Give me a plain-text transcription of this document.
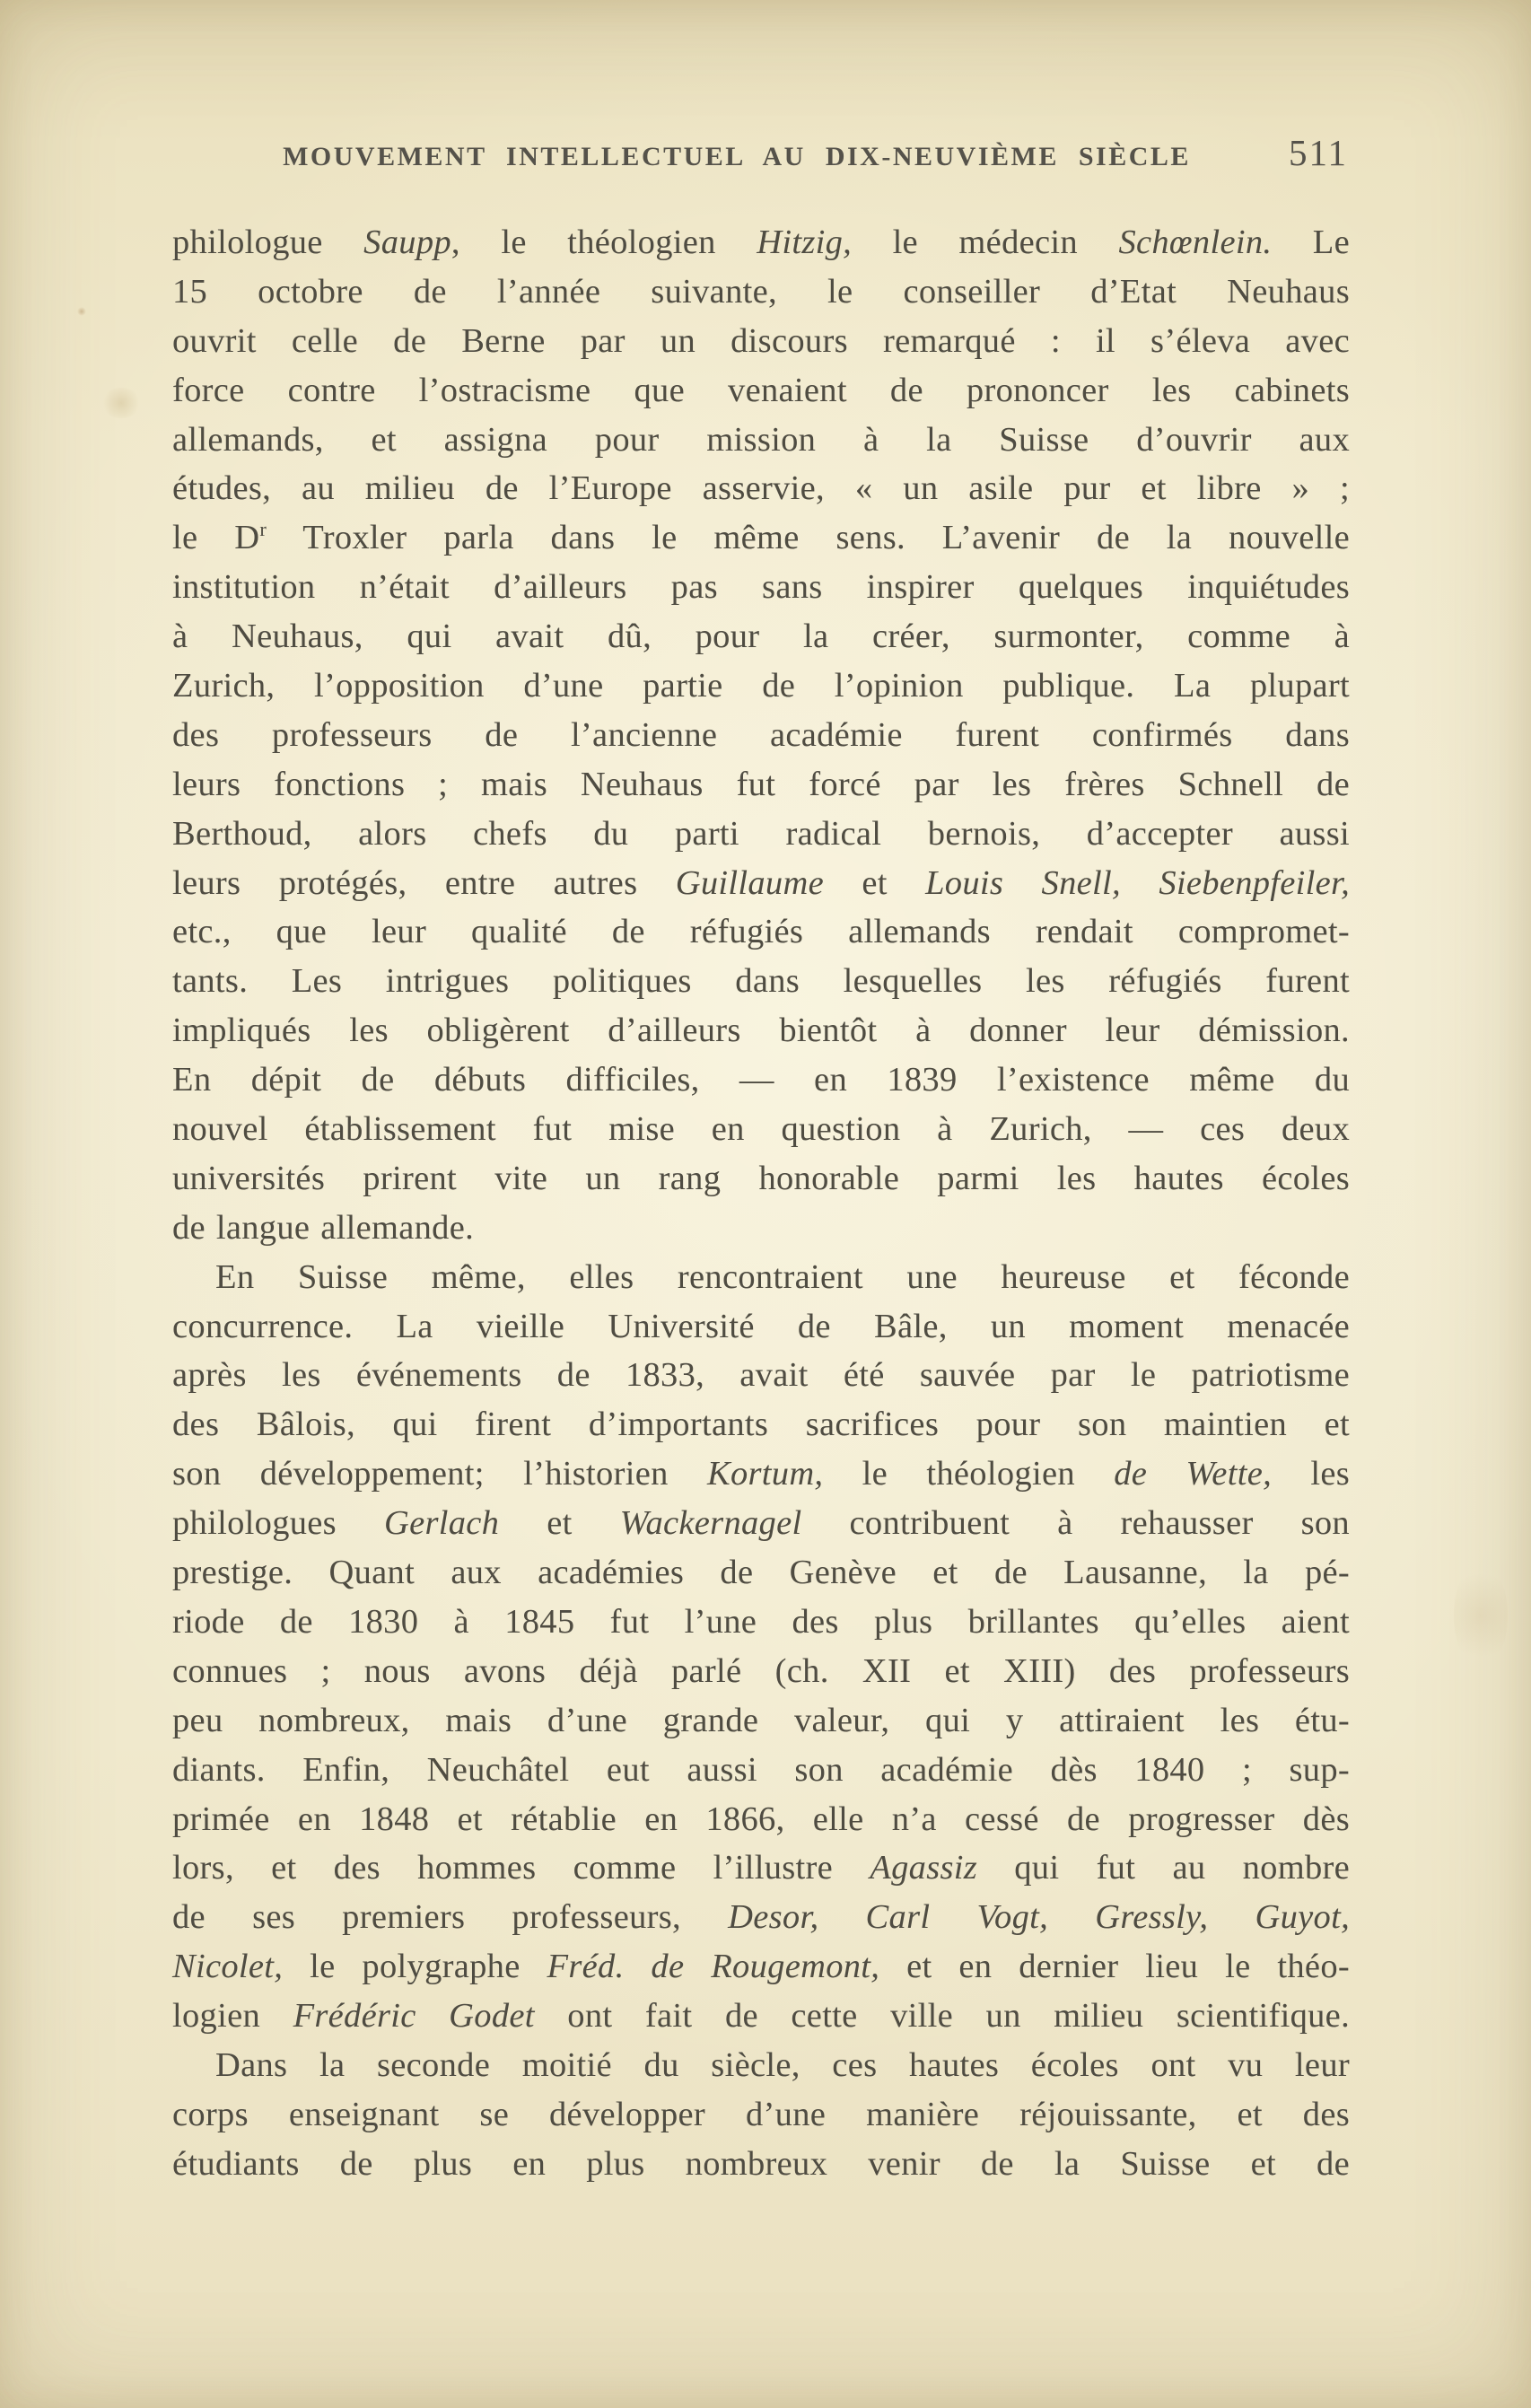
MOUVEMENT INTELLECTUEL AU DIX-NEUVIÈME SIÈCLE	511
philologue Saupp, le théologien Hitzig, le médecin Schœnlein. Le
15 octobre de l’année suivante, le conseiller d’Etat Neuhaus
ouvrit celle de Berne par un discours remarqué : il s’éleva avec
force contre l’ostracisme que venaient de prononcer les cabinets
allemands, et assigna pour mission à la Suisse d’ouvrir aux
études, au milieu de l’Europe asservie, « un asile pur et libre » ;
le $D^r$ Troxler parla dans le même sens. L’avenir de la nouvelle
institution n’était d’ailleurs pas sans inspirer quelques inquiétudes
à Neuhaus, qui avait dû, pour la créer, surmonter, comme à
Zurich, l’opposition d’une partie de l’opinion publique. La plupart
des professeurs de l’ancienne académie furent confirmés dans
leurs fonctions ; mais Neuhaus fut forcé par les frères Schnell de
Berthoud, alors chefs du parti radical bernois, d’accepter aussi
leurs protégés, entre autres Guillaume et Louis Snell, Siebenpfeiler,
etc., que leur qualité de réfugiés allemands rendait compromet-
tants. Les intrigues politiques dans lesquelles les réfugiés furent
impliqués les obligèrent d’ailleurs bientôt à donner leur démission.
En dépit de débuts difficiles, — en 1839 l’existence même du
nouvel établissement fut mise en question à Zurich, — ces deux
universités prirent vite un rang honorable parmi les hautes écoles
de langue allemande.
En Suisse même, elles rencontraient une heureuse et féconde
concurrence. La vieille Université de Bâle, un moment menacée
après les événements de 1833, avait été sauvée par le patriotisme
des Bâlois, qui firent d’importants sacrifices pour son maintien et
son développement; l’historien Kortum, le théologien de Wette, les
philologues Gerlach et Wackernagel contribuent à rehausser son
prestige. Quant aux académies de Genève et de Lausanne, la pé-
riode de 1830 à 1845 fut l’une des plus brillantes qu’elles aient
connues ; nous avons déjà parlé (ch. XII et XIII) des professeurs
peu nombreux, mais d’une grande valeur, qui y attiraient les étu-
diants. Enfin, Neuchâtel eut aussi son académie dès 1840 ; sup-
primée en 1848 et rétablie en 1866, elle n’a cessé de progresser dès
lors, et des hommes comme l’illustre Agassiz qui fut au nombre
de ses premiers professeurs, Desor, Carl Vogt, Gressly, Guyot,
Nicolet, le polygraphe Fréd. de Rougemont, et en dernier lieu le théo-
logien Frédéric Godet ont fait de cette ville un milieu scientifique.
Dans la seconde moitié du siècle, ces hautes écoles ont vu leur
corps enseignant se développer d’une manière réjouissante, et des
étudiants de plus en plus nombreux venir de la Suisse et de
